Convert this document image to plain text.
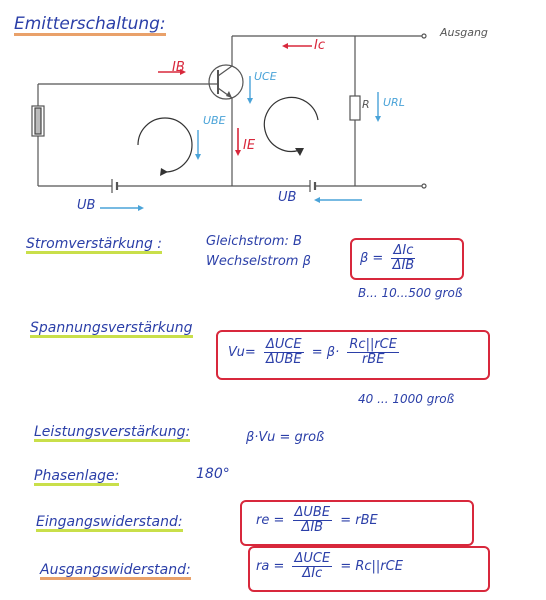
Emitterschaltung:	Ausgang
Ic
IB
UCE
UBE
IE
R URL
UB
UB
Stromverstärkung :	Gleichstrom: B
Wechselstrom β	$\beta = \frac{\text{ΔIc}}{\text{ΔIB}}$
B... 10...500 groß
Spannungsverstärkung
$Vu= \frac{\text{ΔUCE}}{\text{ΔUBE}} = \beta\cdot \frac{\text{Rc||rCE}}{\text{rBE}}$
40 ... 1000 groß
Leistungsverstärkung:	β·Vu = groß
Phasenlage:	180°
Eingangswiderstand:	re = $\frac{\text{ΔUBE}}{\text{ΔIB}}$ = rBE
Ausgangswiderstand:	ra = $\frac{\text{ΔUCE}}{\text{ΔIc}} = Rc||rCE$
